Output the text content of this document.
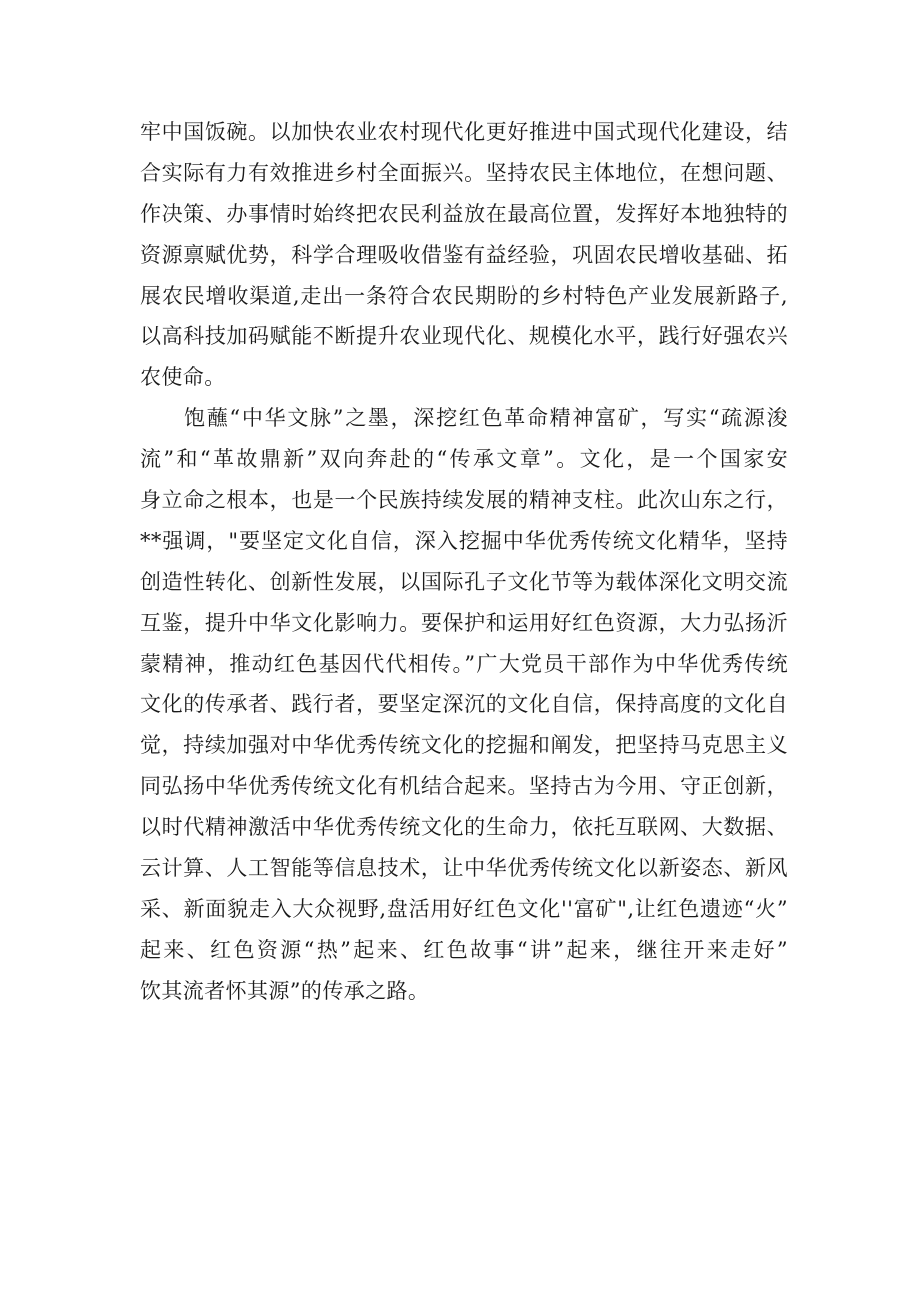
牢中国饭碗。以加快农业农村现代化更好推进中国式现代化建设，结
合实际有力有效推进乡村全面振兴。坚持农民主体地位，在想问题、
作决策、办事情时始终把农民利益放在最高位置，发挥好本地独特的
资源禀赋优势，科学合理吸收借鉴有益经验，巩固农民增收基础、拓
展农民增收渠道,走出一条符合农民期盼的乡村特色产业发展新路子,
以高科技加码赋能不断提升农业现代化、规模化水平，践行好强农兴
农使命。
饱蘸“中华文脉”之墨，深挖红色革命精神富矿，写实“疏源浚
流”和“革故鼎新”双向奔赴的“传承文章”。文化，是一个国家安
身立命之根本，也是一个民族持续发展的精神支柱。此次山东之行，
**强调，"要坚定文化自信，深入挖掘中华优秀传统文化精华，坚持
创造性转化、创新性发展，以国际孔子文化节等为载体深化文明交流
互鉴，提升中华文化影响力。要保护和运用好红色资源，大力弘扬沂
蒙精神，推动红色基因代代相传。”广大党员干部作为中华优秀传统
文化的传承者、践行者，要坚定深沉的文化自信，保持高度的文化自
觉，持续加强对中华优秀传统文化的挖掘和阐发，把坚持马克思主义
同弘扬中华优秀传统文化有机结合起来。坚持古为今用、守正创新，
以时代精神激活中华优秀传统文化的生命力，依托互联网、大数据、
云计算、人工智能等信息技术，让中华优秀传统文化以新姿态、新风
采、新面貌走入大众视野,盘活用好红色文化''富矿",让红色遗迹“火”
起来、红色资源“热”起来、红色故事“讲”起来，继往开来走好”
饮其流者怀其源”的传承之路。
